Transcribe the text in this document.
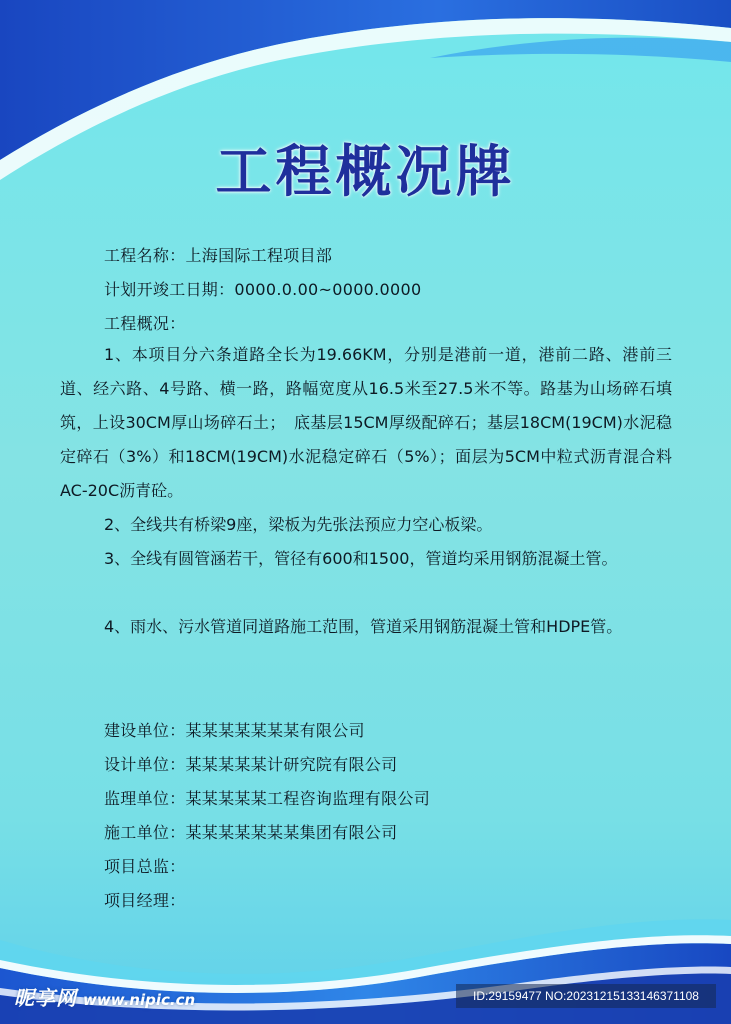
工程概况牌
工程名称：上海国际工程项目部
计划开竣工日期：0000.0.00~0000.0000
工程概况：
1、本项目分六条道路全长为19.66KM，分别是港前一道，港前二路、港前三道、经六路、4号路、横一路，路幅宽度从16.5米至27.5米不等。路基为山场碎石填筑，上设30CM厚山场碎石土；　底基层15CM厚级配碎石；基层18CM(19CM)水泥稳定碎石（3%）和18CM(19CM)水泥稳定碎石（5%）；面层为5CM中粒式沥青混合料AC-20C沥青砼。
2、全线共有桥梁9座，梁板为先张法预应力空心板梁。
3、全线有圆管涵若干，管径有600和1500，管道均采用钢筋混凝土管。
4、雨水、污水管道同道路施工范围，管道采用钢筋混凝土管和HDPE管。
建设单位：某某某某某某某有限公司
设计单位：某某某某某计研究院有限公司
监理单位：某某某某某工程咨询监理有限公司
施工单位：某某某某某某某集团有限公司
项目总监：
项目经理：
昵享网 www.nipic.cn	ID:29159477 NO:20231215133146371108
